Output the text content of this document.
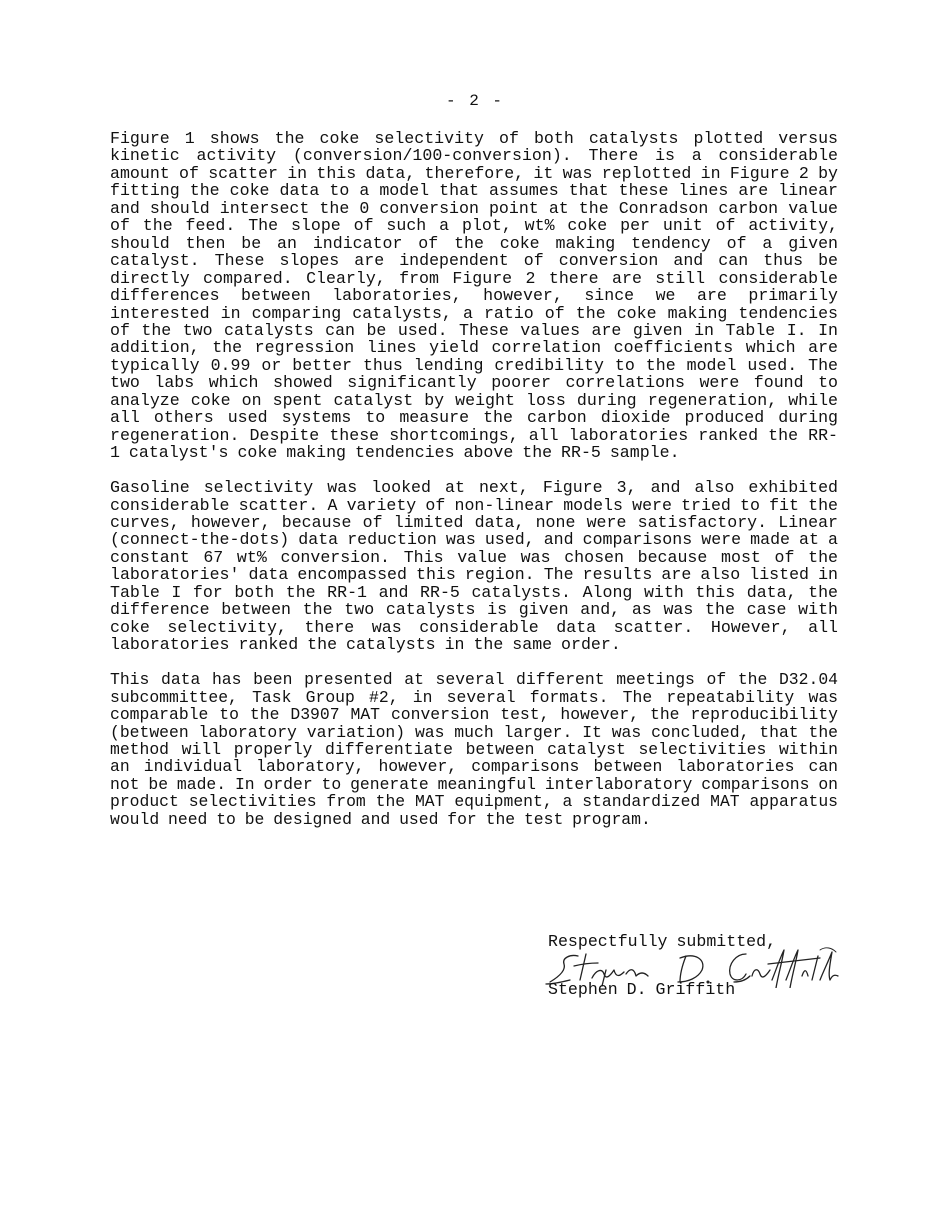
- 2 -

Figure 1 shows the coke selectivity of both catalysts plotted versus kinetic activity (conversion/100-conversion). There is a considerable amount of scatter in this data, therefore, it was replotted in Figure 2 by fitting the coke data to a model that assumes that these lines are linear and should intersect the 0 conversion point at the Conradson carbon value of the feed. The slope of such a plot, wt% coke per unit of activity, should then be an indicator of the coke making tendency of a given catalyst. These slopes are independent of conversion and can thus be directly compared. Clearly, from Figure 2 there are still considerable differences between laboratories, however, since we are primarily interested in comparing catalysts, a ratio of the coke making tendencies of the two catalysts can be used. These values are given in Table I. In addition, the regression lines yield correlation coefficients which are typically 0.99 or better thus lending credibility to the model used. The two labs which showed significantly poorer correlations were found to analyze coke on spent catalyst by weight loss during regeneration, while all others used systems to measure the carbon dioxide produced during regeneration. Despite these shortcomings, all laboratories ranked the RR-1 catalyst's coke making tendencies above the RR-5 sample.

Gasoline selectivity was looked at next, Figure 3, and also exhibited considerable scatter. A variety of non-linear models were tried to fit the curves, however, because of limited data, none were satisfactory. Linear (connect-the-dots) data reduction was used, and comparisons were made at a constant 67 wt% conversion. This value was chosen because most of the laboratories' data encompassed this region. The results are also listed in Table I for both the RR-1 and RR-5 catalysts. Along with this data, the difference between the two catalysts is given and, as was the case with coke selectivity, there was considerable data scatter. However, all laboratories ranked the catalysts in the same order.

This data has been presented at several different meetings of the D32.04 subcommittee, Task Group #2, in several formats. The repeatability was comparable to the D3907 MAT conversion test, however, the reproducibility (between laboratory variation) was much larger. It was concluded, that the method will properly differentiate between catalyst selectivities within an individual laboratory, however, comparisons between laboratories can not be made. In order to generate meaningful interlaboratory comparisons on product selectivities from the MAT equipment, a standardized MAT apparatus would need to be designed and used for the test program.

Respectfully submitted,
Stephen D. Griffith
